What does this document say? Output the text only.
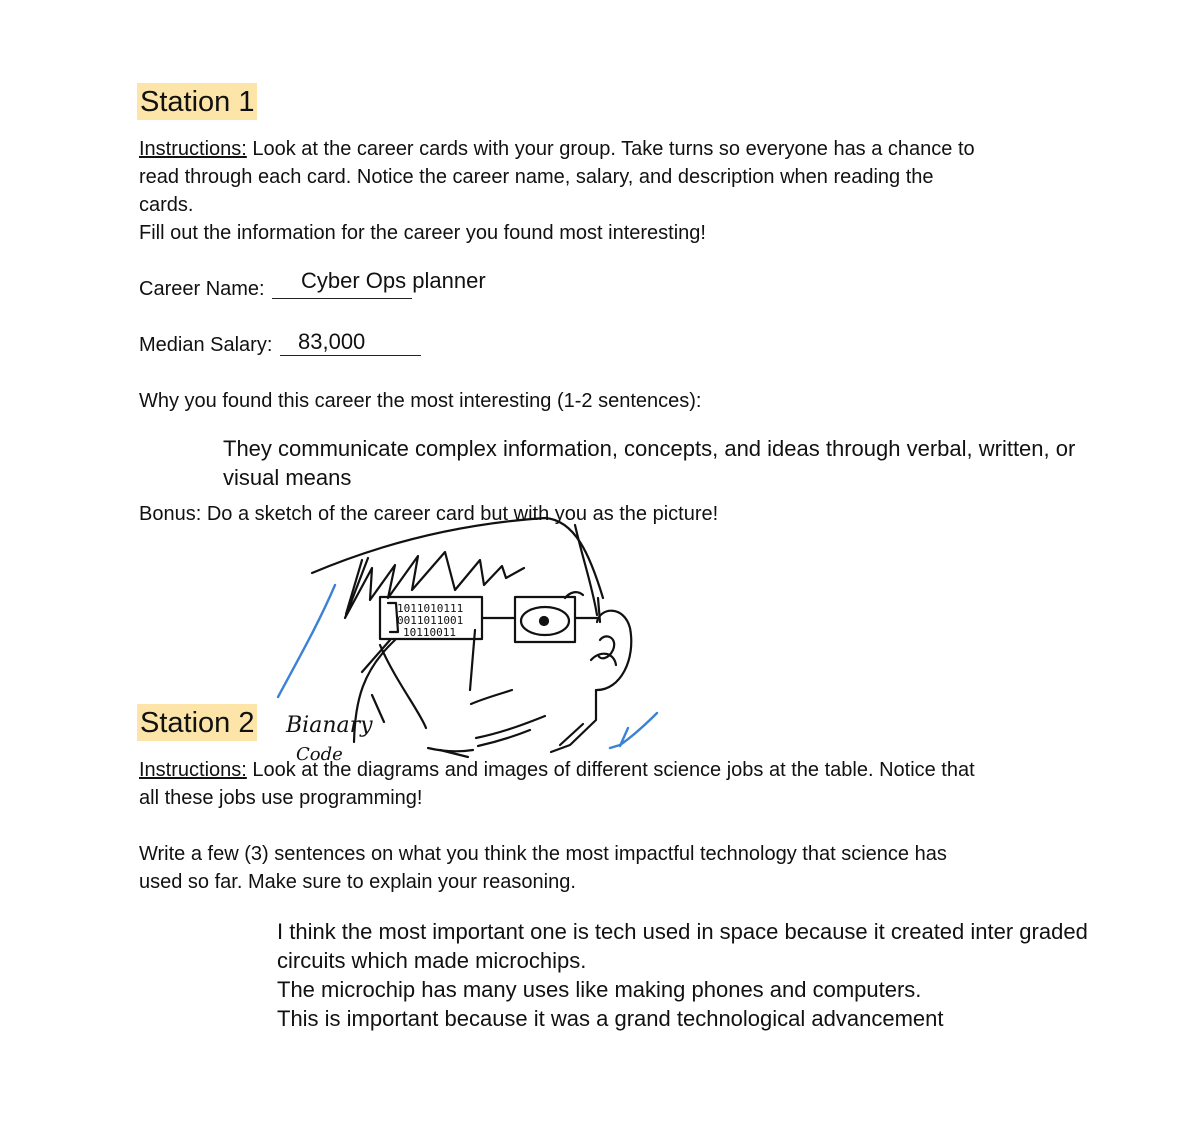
Station 1
Instructions: Look at the career cards with your group. Take turns so everyone has a chance to
read through each card. Notice the career name, salary, and description when reading the
cards.
Fill out the information for the career you found most interesting!
Career Name: Cyber Ops planner
Median Salary: 83,000
Why you found this career the most interesting (1-2 sentences):
They communicate complex information, concepts, and ideas through verbal, written, or
visual means
Bonus: Do a sketch of the career card but with you as the picture!
Station 2
Instructions: Look at the diagrams and images of different science jobs at the table. Notice that
all these jobs use programming!
Write a few (3) sentences on what you think the most impactful technology that science has
used so far. Make sure to explain your reasoning.
I think the most important one is tech used in space because it created inter graded
circuits which made microchips.
The microchip has many uses like making phones and computers.
This is important because it was a grand technological advancement
1011010111
0011011001
10110011
Bianary
Code
